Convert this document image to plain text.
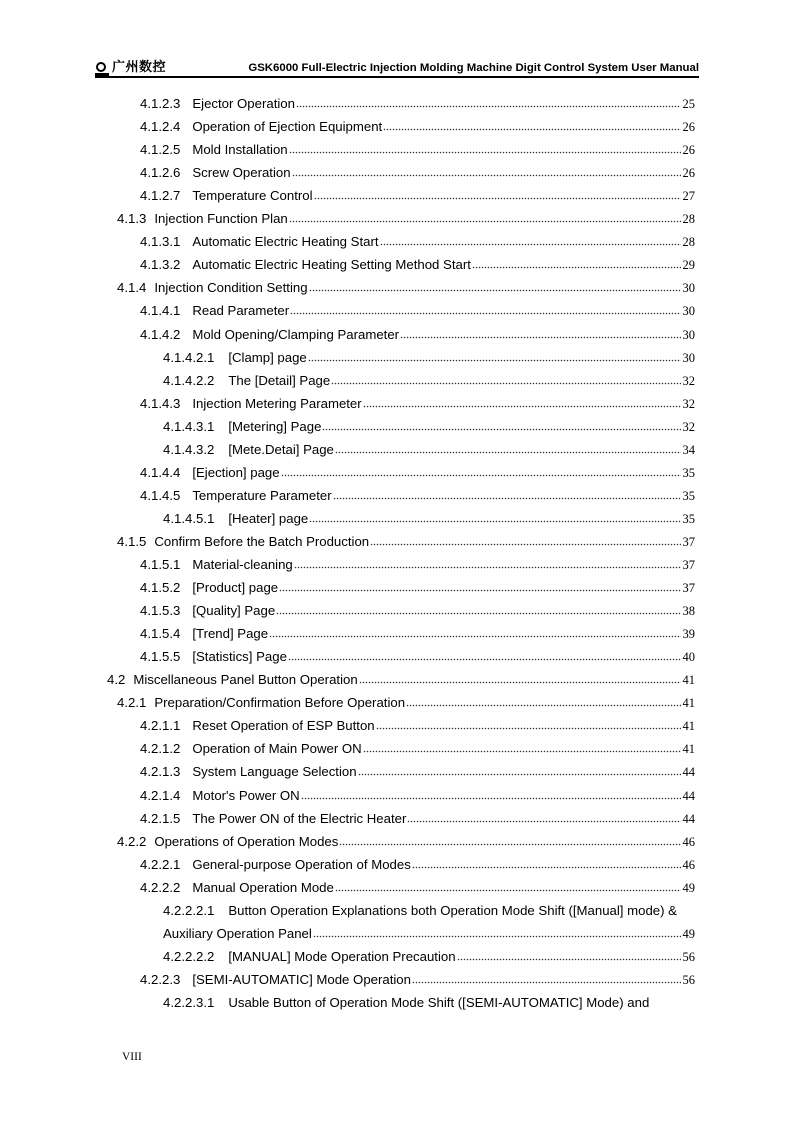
广州数控	GSK6000 Full-Electric Injection Molding Machine Digit Control System User Manual
4.1.2.3 Ejector Operation	25
4.1.2.4 Operation of Ejection Equipment	26
4.1.2.5 Mold Installation	26
4.1.2.6 Screw Operation	26
4.1.2.7 Temperature Control	27
4.1.3 Injection Function Plan	28
4.1.3.1 Automatic Electric Heating Start	28
4.1.3.2 Automatic Electric Heating Setting Method Start	29
4.1.4 Injection Condition Setting	30
4.1.4.1 Read Parameter	30
4.1.4.2 Mold Opening/Clamping Parameter	30
4.1.4.2.1 [Clamp] page	30
4.1.4.2.2 The [Detail] Page	32
4.1.4.3 Injection Metering Parameter	32
4.1.4.3.1 [Metering] Page	32
4.1.4.3.2 [Mete.Detai] Page	34
4.1.4.4 [Ejection] page	35
4.1.4.5 Temperature Parameter	35
4.1.4.5.1 [Heater] page	35
4.1.5 Confirm Before the Batch Production	37
4.1.5.1 Material-cleaning	37
4.1.5.2 [Product] page	37
4.1.5.3 [Quality] Page	38
4.1.5.4 [Trend] Page	39
4.1.5.5 [Statistics] Page	40
4.2 Miscellaneous Panel Button Operation	41
4.2.1 Preparation/Confirmation Before Operation	41
4.2.1.1 Reset Operation of ESP Button	41
4.2.1.2 Operation of Main Power ON	41
4.2.1.3 System Language Selection	44
4.2.1.4 Motor's Power ON	44
4.2.1.5 The Power ON of the Electric Heater	44
4.2.2 Operations of Operation Modes	46
4.2.2.1 General-purpose Operation of Modes	46
4.2.2.2 Manual Operation Mode	49
4.2.2.2.1 Button Operation Explanations both Operation Mode Shift ([Manual] mode) &
Auxiliary Operation Panel	49
4.2.2.2.2 [MANUAL] Mode Operation Precaution	56
4.2.2.3 [SEMI-AUTOMATIC] Mode Operation	56
4.2.2.3.1 Usable Button of Operation Mode Shift ([SEMI-AUTOMATIC] Mode) and
VIII
